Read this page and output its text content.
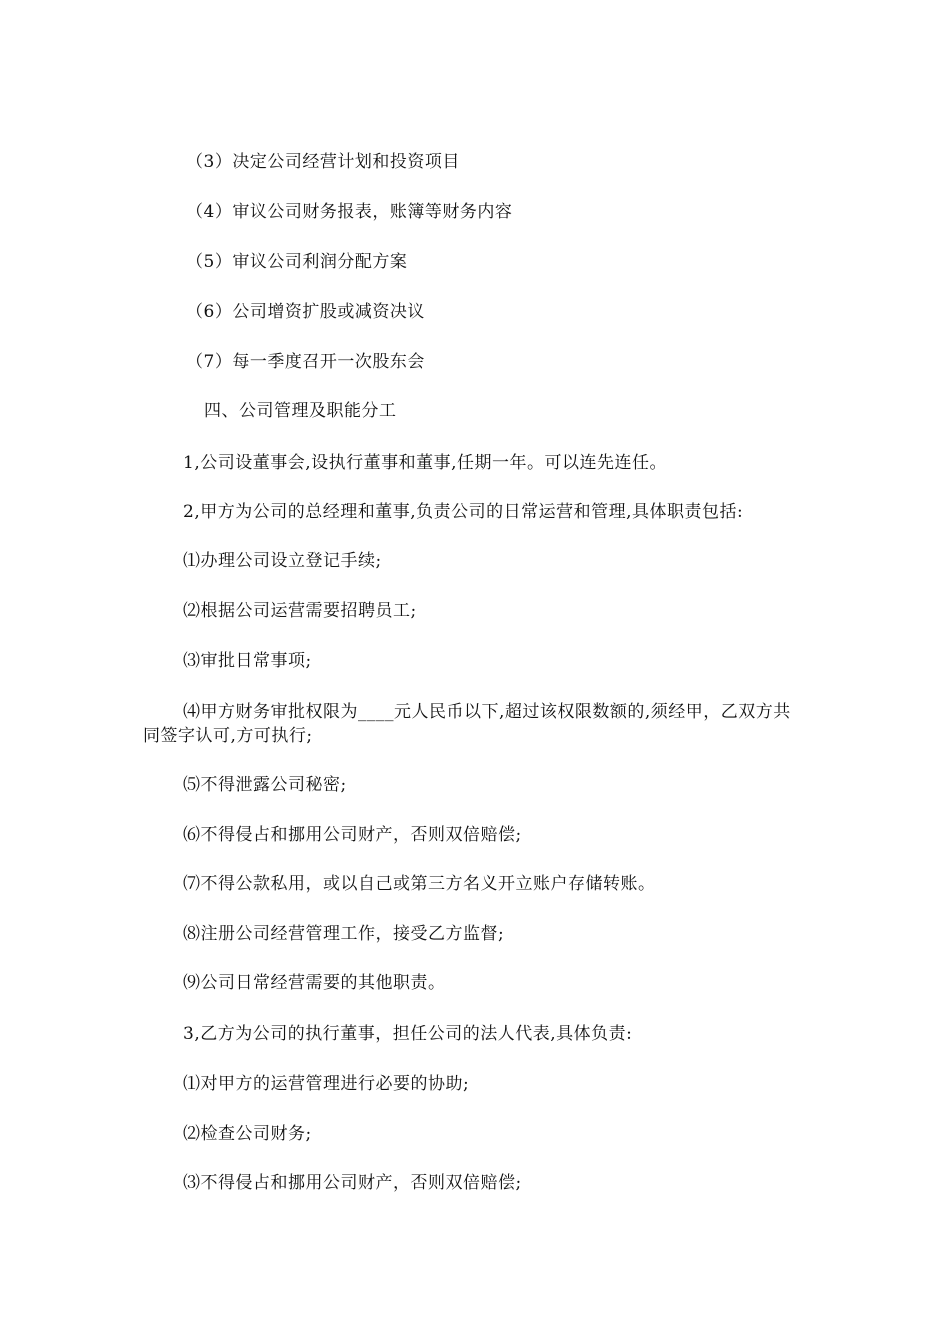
（3）决定公司经营计划和投资项目
（4）审议公司财务报表，账簿等财务内容
（5）审议公司利润分配方案
（6）公司增资扩股或减资决议
（7）每一季度召开一次股东会
四、公司管理及职能分工
1,公司设董事会,设执行董事和董事,任期一年。可以连先连任。
2,甲方为公司的总经理和董事,负责公司的日常运营和管理,具体职责包括:
⑴办理公司设立登记手续;
⑵根据公司运营需要招聘员工;
⑶审批日常事项;
⑷甲方财务审批权限为____元人民币以下,超过该权限数额的,须经甲，乙双方共同签字认可,方可执行;
⑸不得泄露公司秘密;
⑹不得侵占和挪用公司财产，否则双倍赔偿;
⑺不得公款私用，或以自己或第三方名义开立账户存储转账。
⑻注册公司经营管理工作，接受乙方监督;
⑼公司日常经营需要的其他职责。
3,乙方为公司的执行董事，担任公司的法人代表,具体负责:
⑴对甲方的运营管理进行必要的协助;
⑵检查公司财务;
⑶不得侵占和挪用公司财产，否则双倍赔偿;
